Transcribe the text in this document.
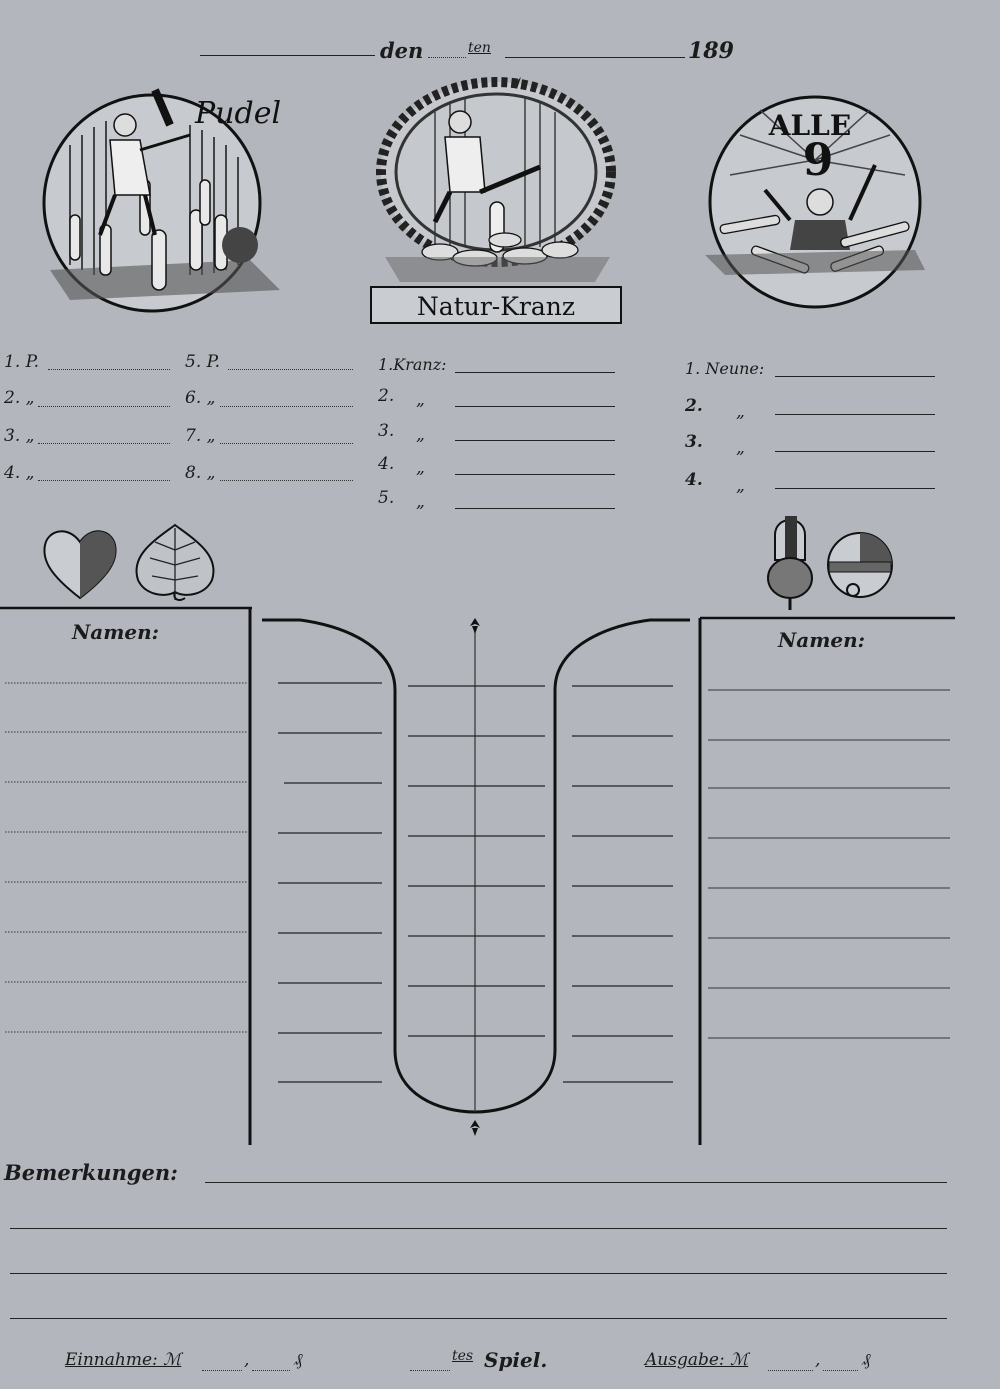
den	ten	189
Pudel
Natur-Kranz
ALLE
9
1. P.
2. „
3. „
4. „
5. P.
6. „
7. „
8. „
1.Kranz:
2. „
3. „
4. „
5. „
1. Neune:
2. „
3. „
4. „
Namen:	Namen:
Bemerkungen:
Einnahme: ℳ	,	₰	tes Spiel.	Ausgabe: ℳ	, ₰
